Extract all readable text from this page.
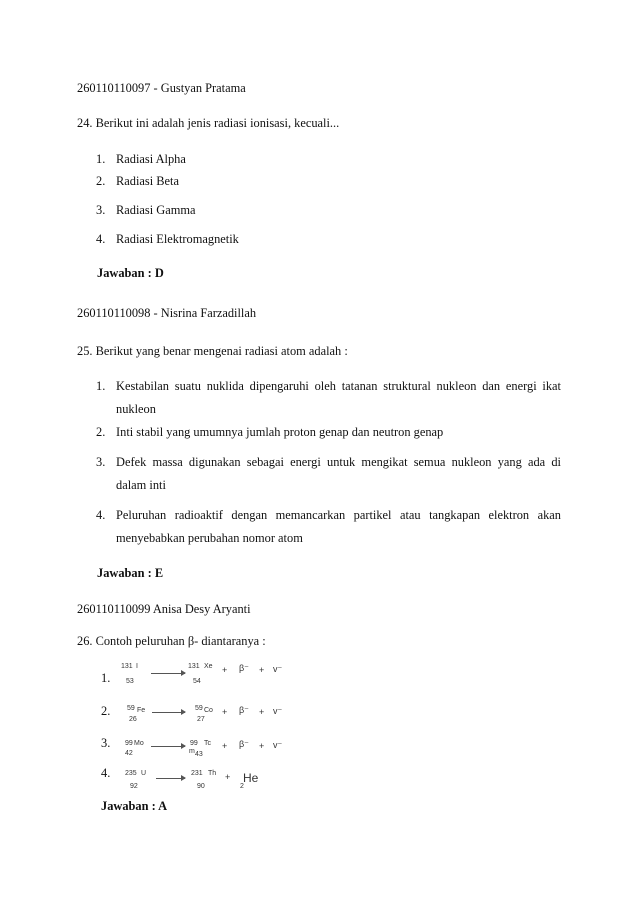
260110110097 - Gustyan Pratama
24. Berikut ini adalah jenis radiasi ionisasi, kecuali...
1. Radiasi Alpha
2. Radiasi Beta
3. Radiasi Gamma
4. Radiasi Elektromagnetik
Jawaban : D
260110110098 - Nisrina Farzadillah
25. Berikut yang benar mengenai radiasi atom adalah :
1. Kestabilan suatu nuklida dipengaruhi oleh tatanan struktural nukleon dan energi ikat
nukleon
2. Inti stabil yang umumnya jumlah proton genap dan neutron genap
3. Defek massa digunakan sebagai energi untuk mengikat semua nukleon yang ada di
dalam inti
4. Peluruhan radioaktif dengan memancarkan partikel atau tangkapan elektron akan
menyebabkan perubahan nomor atom
Jawaban : E
260110110099 Anisa Desy Aryanti
26. Contoh peluruhan β- diantaranya :
1.
131 I
53
131 Xe
54
+ β⁻ + v⁻
2. 59 Fe
26
59 Co
27
+ β⁻ + v⁻
3. 99 Mo
42
99 Tc
m 43
+ β⁻ + v⁻
4. 235 U
92
231 Th
90
+
2
He
Jawaban : A
